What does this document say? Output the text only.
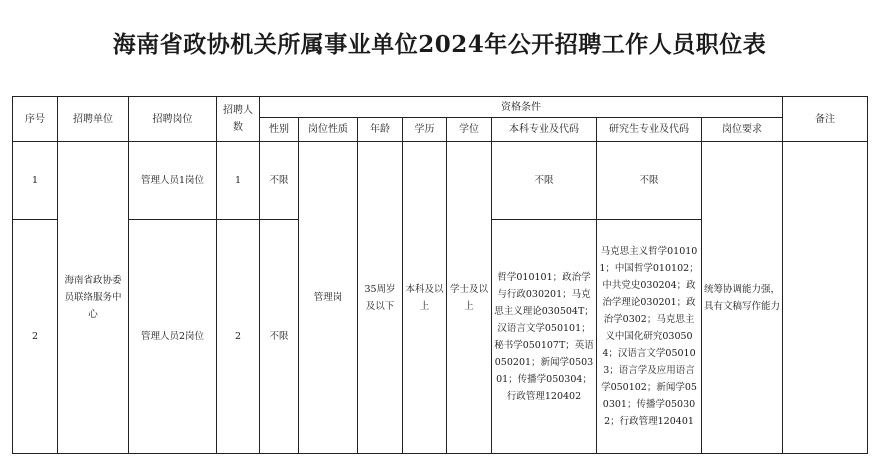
海南省政协机关所属事业单位2024年公开招聘工作人员职位表
序号	招聘单位	招聘岗位	招聘人数	资格条件								备注
				性别	岗位性质	年龄	学历	学位	本科专业及代码	研究生专业及代码	岗位要求	
1	海南省政协委员联络服务中心	管理人员1岗位	1	不限	管理岗	35周岁及以下	本科及以上	学士及以上	不限	不限	统筹协调能力强，具有文稿写作能力	
2		管理人员2岗位	2	不限					哲学010101；政治学与行政030201；马克思主义理论030504T；汉语言文学050101；秘书学050107T；英语050201；新闻学050301；传播学050304；行政管理120402	马克思主义哲学010101；中国哲学010102；中共党史030204；政治学理论030201；政治学0302；马克思主义中国化研究030504；汉语言文学050103；语言学及应用语言学050102；新闻学050301；传播学050302；行政管理120401		
